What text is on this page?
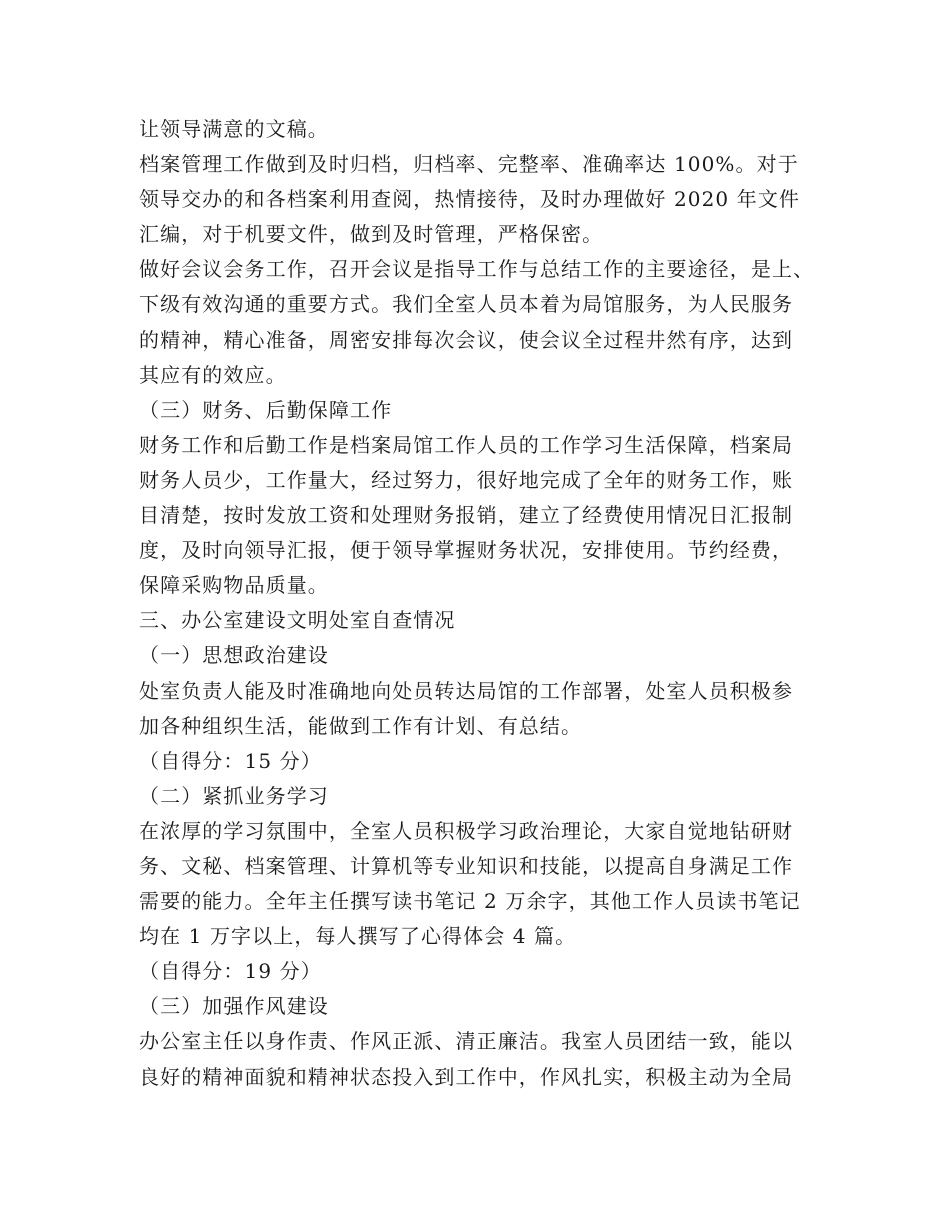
让领导满意的文稿。
档案管理工作做到及时归档，归档率、完整率、准确率达 100%。对于
领导交办的和各档案利用查阅，热情接待，及时办理做好 2020 年文件
汇编，对于机要文件，做到及时管理，严格保密。
做好会议会务工作，召开会议是指导工作与总结工作的主要途径，是上、
下级有效沟通的重要方式。我们全室人员本着为局馆服务，为人民服务
的精神，精心准备，周密安排每次会议，使会议全过程井然有序，达到
其应有的效应。
（三）财务、后勤保障工作
财务工作和后勤工作是档案局馆工作人员的工作学习生活保障，档案局
财务人员少，工作量大，经过努力，很好地完成了全年的财务工作，账
目清楚，按时发放工资和处理财务报销，建立了经费使用情况日汇报制
度，及时向领导汇报，便于领导掌握财务状况，安排使用。节约经费，
保障采购物品质量。
三、办公室建设文明处室自查情况
（一）思想政治建设
处室负责人能及时准确地向处员转达局馆的工作部署，处室人员积极参
加各种组织生活，能做到工作有计划、有总结。
（自得分：15 分）
（二）紧抓业务学习
在浓厚的学习氛围中，全室人员积极学习政治理论，大家自觉地钻研财
务、文秘、档案管理、计算机等专业知识和技能，以提高自身满足工作
需要的能力。全年主任撰写读书笔记 2 万余字，其他工作人员读书笔记
均在 1 万字以上，每人撰写了心得体会 4 篇。
（自得分：19 分）
（三）加强作风建设
办公室主任以身作责、作风正派、清正廉洁。我室人员团结一致，能以
良好的精神面貌和精神状态投入到工作中，作风扎实，积极主动为全局
